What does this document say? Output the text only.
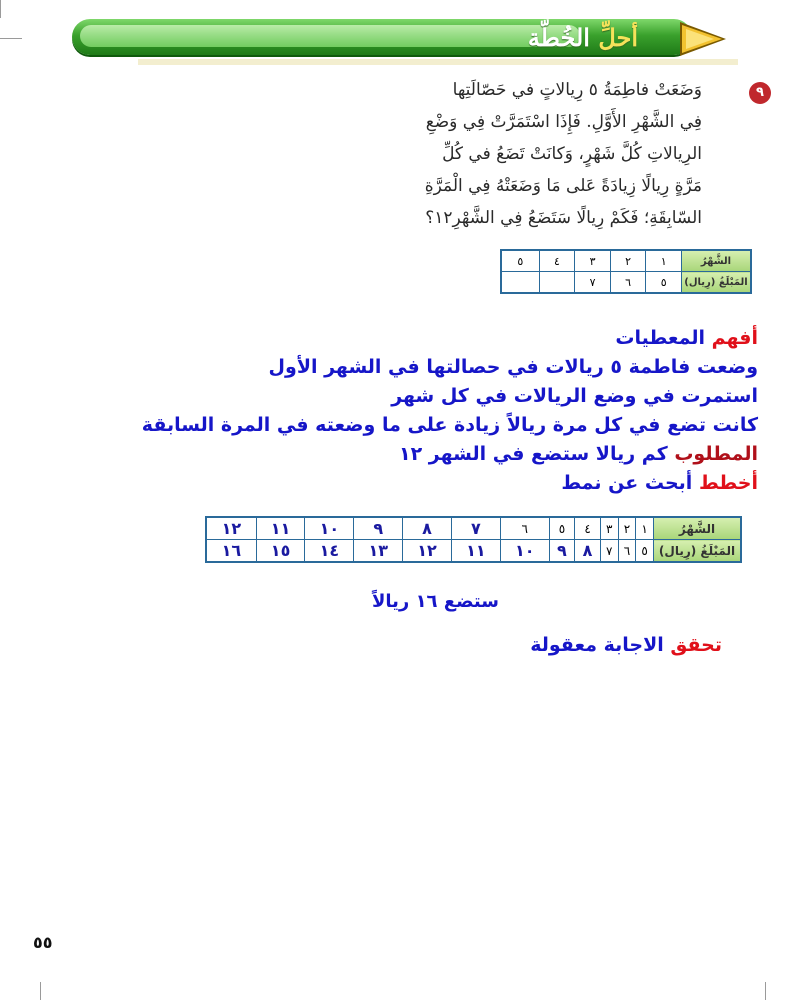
أحلِّ الخُطّة
٩
وَضَعَتْ فاطِمَةُ ٥ رِيالاتٍ في حَصّالَتِها
فِي الشَّهْرِ الأَوَّلِ. فَإِذَا اسْتَمَرَّتْ فِي وَضْعِ
الرِيالاتِ كُلَّ شَهْرٍ، وَكانَتْ تَضَعُ في كُلِّ
مَرَّةٍ رِيالًا زِيادَةً عَلى مَا وَضَعَتْهُ فِي الْمَرَّةِ
السّابِقَةِ؛ فَكَمْ رِيالًا سَتَضَعُ فِي الشَّهْرِ١٢؟
الشَّهْرُ	١	٢	٣	٤	٥
المَبْلَغُ (رِيال)	٥	٦	٧		
أفهم المعطيات
وضعت فاطمة ٥ ريالات في حصالتها في الشهر الأول
استمرت في وضع الريالات في كل شهر
كانت تضع في كل مرة ريالاً زيادة على ما وضعته في المرة السابقة
المطلوب كم ريالا ستضع في الشهر ١٢
أخطط أبحث عن نمط
الشَّهْرُ	١	٢	٣	٤	٥	٦	٧	٨	٩	١٠	١١	١٢
المَبْلَغُ (رِيال)	٥	٦	٧	٨	٩	١٠	١١	١٢	١٣	١٤	١٥	١٦
ستضع ١٦ ريالاً
تحقق الاجابة معقولة
٥٥
